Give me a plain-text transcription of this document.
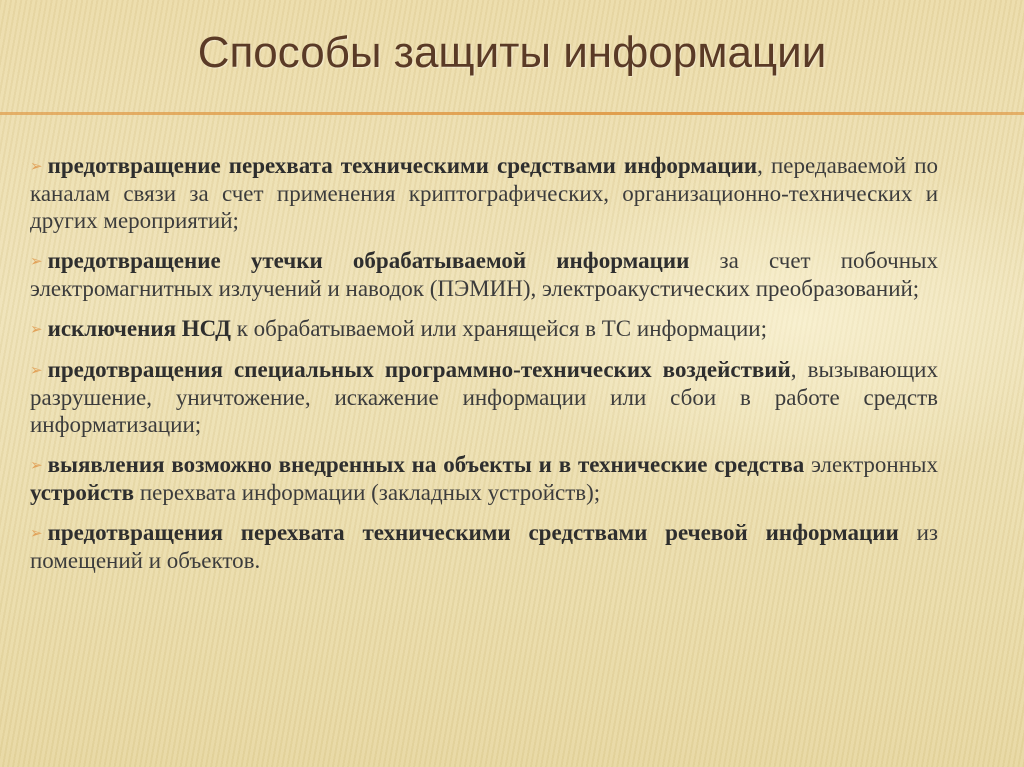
Способы защиты информации
➢ предотвращение перехвата техническими средствами информации, передаваемой по каналам связи за счет применения криптографических, организационно-технических и других мероприятий;
➢ предотвращение утечки обрабатываемой информации за счет побочных электромагнитных излучений и наводок (ПЭМИН), электроакустических преобразований;
➢ исключения НСД к обрабатываемой или хранящейся в ТС информации;
➢ предотвращения специальных программно-технических воздействий, вызывающих разрушение, уничтожение, искажение информации или сбои в работе средств информатизации;
➢ выявления возможно внедренных на объекты и в технические средства электронных устройств перехвата информации (закладных устройств);
➢ предотвращения перехвата техническими средствами речевой информации из помещений и объектов.
